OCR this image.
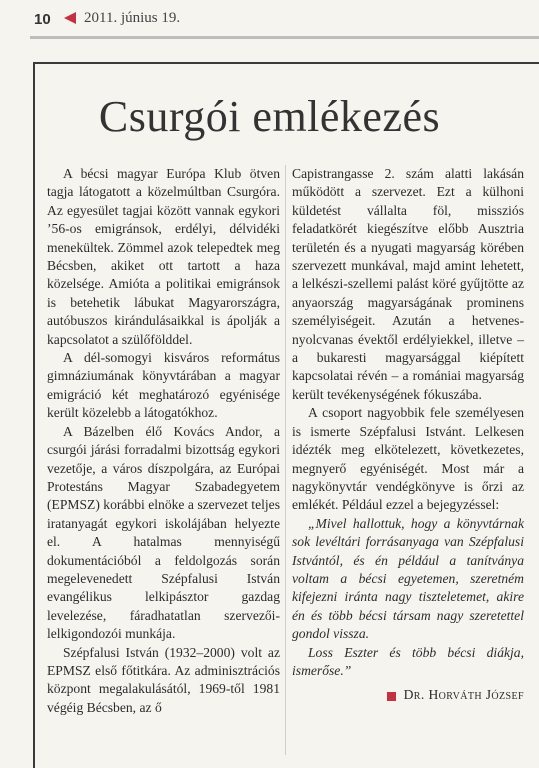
10 2011. június 19.
Csurgói emlékezés

A bécsi magyar Európa Klub ötven tagja látogatott a közelmúltban Csurgóra. Az egyesület tagjai között vannak egykori ’56-os emigránsok, erdélyi, délvidéki menekültek. Zömmel azok telepedtek meg Bécsben, akiket ott tartott a haza közelsége. Amióta a politikai emigránsok is betehetik lábukat Magyarországra, autóbuszos kirándulásaikkal is ápolják a kapcsolatot a szülőfölddel.

A dél-somogyi kisváros református gimnáziumának könyvtárában a magyar emigráció két meghatározó egyénisége került közelebb a látogatókhoz.

A Bázelben élő Kovács Andor, a csurgói járási forradalmi bizottság egykori vezetője, a város díszpolgára, az Európai Protestáns Magyar Szabadegyetem (EPMSZ) korábbi elnöke a szervezet teljes iratanyagát egykori iskolájában helyezte el. A hatalmas mennyiségű dokumentációból a feldolgozás során megelevenedett Szépfalusi István evangélikus lelkipásztor gazdag levelezése, fáradhatatlan szervezői-lelkigondozói munkája.

Szépfalusi István (1932–2000) volt az EPMSZ első főtitkára. Az adminisztrációs központ megalakulásától, 1969-től 1981 végéig Bécsben, az ő

Capistrangasse 2. szám alatti lakásán működött a szervezet. Ezt a külhoni küldetést vállalta föl, missziós feladatkörét kiegészítve előbb Ausztria területén és a nyugati magyarság körében szervezett munkával, majd amint lehetett, a lelkészi-szellemi palást köré gyűjtötte az anyaország magyarságának prominens személyiségeit. Azután a hetvenes-nyolcvanas évektől erdélyiekkel, illetve – a bukaresti magyarsággal kiépített kapcsolatai révén – a romániai magyarság került tevékenységének fókuszába.

A csoport nagyobbik fele személyesen is ismerte Szépfalusi Istvánt. Lelkesen idézték meg elkötelezett, következetes, megnyerő egyéniségét. Most már a nagykönyvtár vendégkönyve is őrzi az emlékét. Például ezzel a bejegyzéssel:

„Mivel hallottuk, hogy a könyvtárnak sok levéltári forrásanyaga van Szépfalusi Istvántól, és én például a tanítványa voltam a bécsi egyetemen, szeretném kifejezni iránta nagy tiszteletemet, akire én és több bécsi társam nagy szeretettel gondol vissza.

Loss Eszter és több bécsi diákja, ismerőse.”

Dr. Horváth József
